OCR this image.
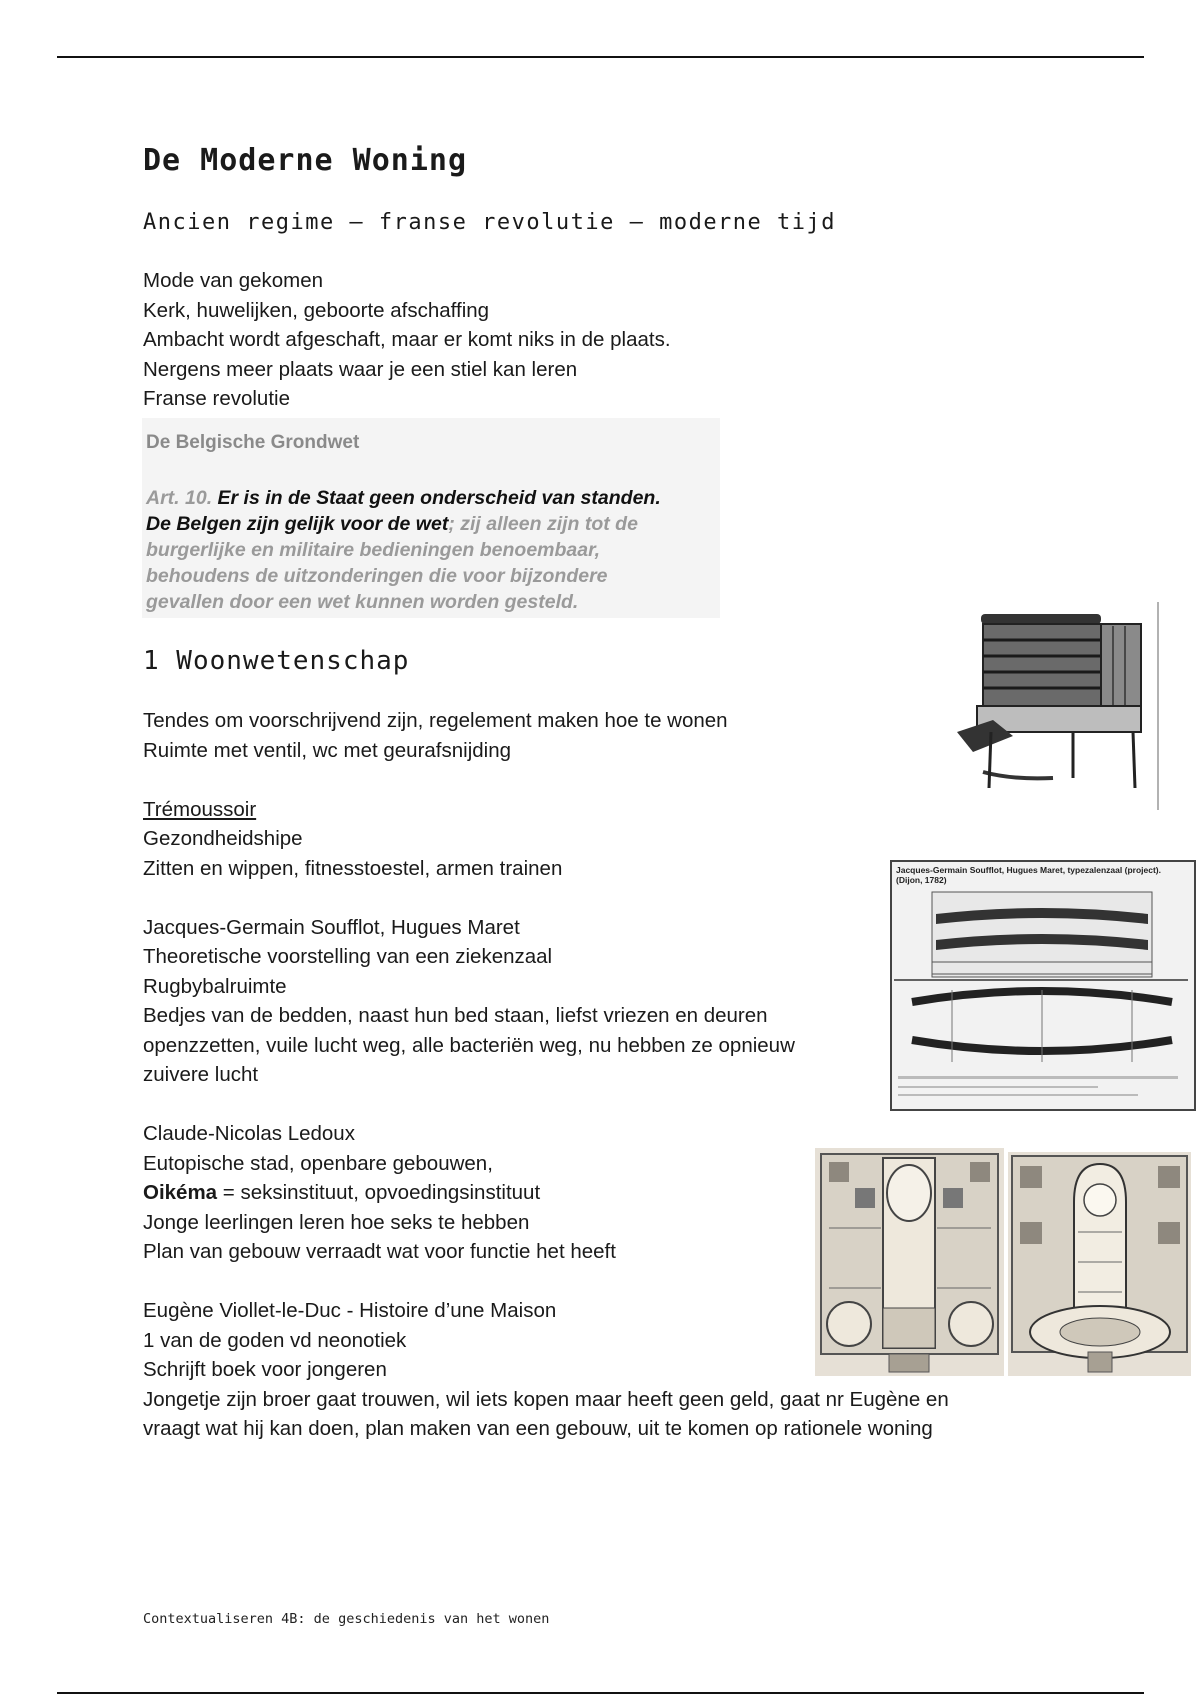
De Moderne Woning
Ancien regime – franse revolutie – moderne tijd
Mode van gekomen
Kerk, huwelijken, geboorte afschaffing
Ambacht wordt afgeschaft, maar er komt niks in de plaats.
Nergens meer plaats waar je een stiel kan leren
Franse revolutie
De Belgische Grondwet
Art. 10. Er is in de Staat geen onderscheid van standen.
De Belgen zijn gelijk voor de wet; zij alleen zijn tot de
burgerlijke en militaire bedieningen benoembaar,
behoudens de uitzonderingen die voor bijzondere
gevallen door een wet kunnen worden gesteld.
1 Woonwetenschap
Tendes om voorschrijvend zijn, regelement maken hoe te wonen
Ruimte met ventil, wc met geurafsnijding
Trémoussoir
Gezondheidshipe
Zitten en wippen, fitnesstoestel, armen trainen
Jacques-Germain Soufflot, Hugues Maret
Theoretische voorstelling van een ziekenzaal
Rugbybalruimte
Bedjes van de bedden, naast hun bed staan, liefst vriezen en deuren
openzzetten, vuile lucht weg, alle bacteriën weg, nu hebben ze opnieuw
zuivere lucht
Claude-Nicolas Ledoux
Eutopische stad, openbare gebouwen,
Oikéma = seksinstituut, opvoedingsinstituut
Jonge leerlingen leren hoe seks te hebben
Plan van gebouw verraadt wat voor functie het heeft
Eugène Viollet-le-Duc - Histoire d’une Maison
1 van de goden vd neonotiek
Schrijft boek voor jongeren
Jongetje zijn broer gaat trouwen, wil iets kopen maar heeft geen geld, gaat nr Eugène en
vraagt wat hij kan doen, plan maken van een gebouw, uit te komen op rationele woning
Jacques-Germain Soufflot, Hugues Maret, typezalenzaal (project).
(Dijon, 1782)
Contextualiseren 4B: de geschiedenis van het wonen
